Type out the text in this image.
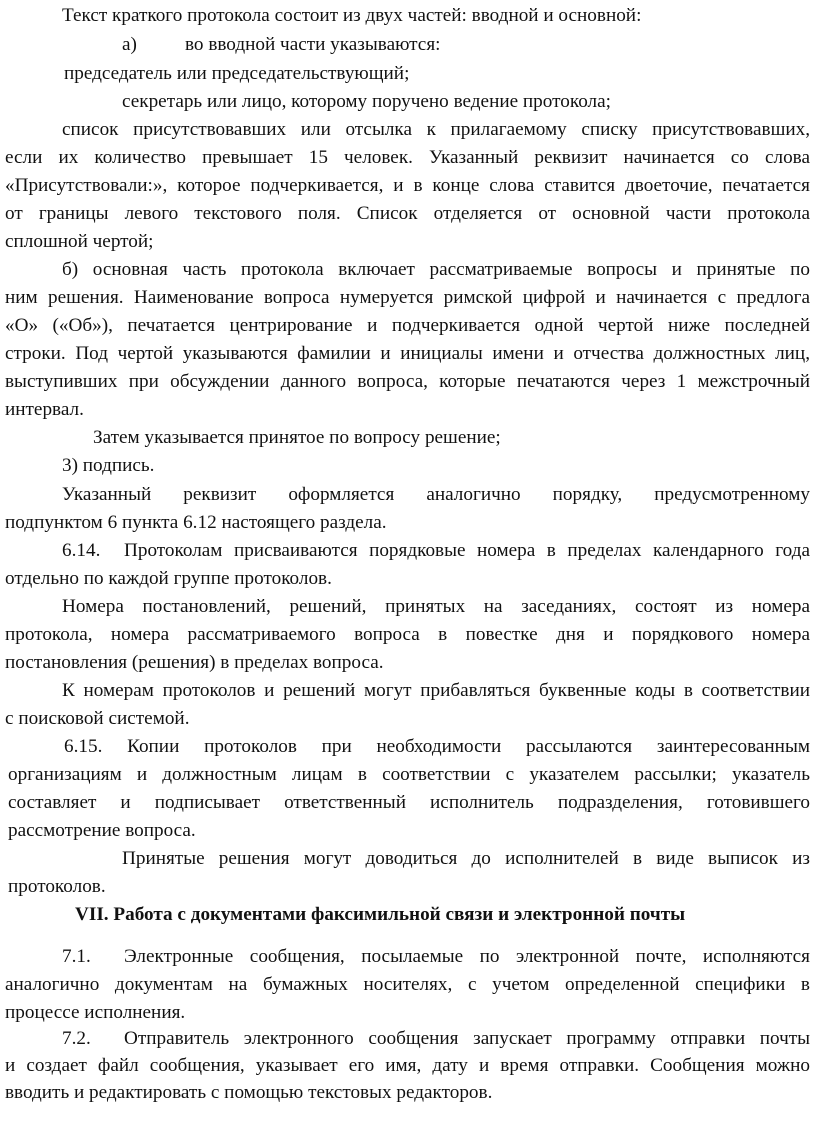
Текст краткого протокола состоит из двух частей: вводной и основной:
а)	во вводной части указываются:
председатель или председательствующий;
секретарь или лицо, которому поручено ведение протокола;
список присутствовавших или отсылка к прилагаемому списку присутствовавших,
если их количество превышает 15 человек. Указанный реквизит начинается со слова
«Присутствовали:», которое подчеркивается, и в конце слова ставится двоеточие, печатается
от границы левого текстового поля. Список отделяется от основной части протокола
сплошной чертой;
б) основная часть протокола включает рассматриваемые вопросы и принятые по
ним решения. Наименование вопроса нумеруется римской цифрой и начинается с предлога
«О» («Об»), печатается центрирование и подчеркивается одной чертой ниже последней
строки. Под чертой указываются фамилии и инициалы имени и отчества должностных лиц,
выступивших при обсуждении данного вопроса, которые печатаются через 1 межстрочный
интервал.
Затем указывается принятое по вопросу решение;
3) подпись.
Указанный реквизит оформляется аналогично порядку, предусмотренному
подпунктом 6 пункта 6.12 настоящего раздела.
6.14. Протоколам присваиваются порядковые номера в пределах календарного года
отдельно по каждой группе протоколов.
Номера постановлений, решений, принятых на заседаниях, состоят из номера
протокола, номера рассматриваемого вопроса в повестке дня и порядкового номера
постановления (решения) в пределах вопроса.
К номерам протоколов и решений могут прибавляться буквенные коды в соответствии
с поисковой системой.
6.15. Копии протоколов при необходимости рассылаются заинтересованным
организациям и должностным лицам в соответствии с указателем рассылки; указатель
составляет и подписывает ответственный исполнитель подразделения, готовившего
рассмотрение вопроса.
Принятые решения могут доводиться до исполнителей в виде выписок из
протоколов.
VII. Работа с документами факсимильной связи и электронной почты
7.1. Электронные сообщения, посылаемые по электронной почте, исполняются
аналогично документам на бумажных носителях, с учетом определенной специфики в
процессе исполнения.
7.2. Отправитель электронного сообщения запускает программу отправки почты
и создает файл сообщения, указывает его имя, дату и время отправки. Сообщения можно
вводить и редактировать с помощью текстовых редакторов.
